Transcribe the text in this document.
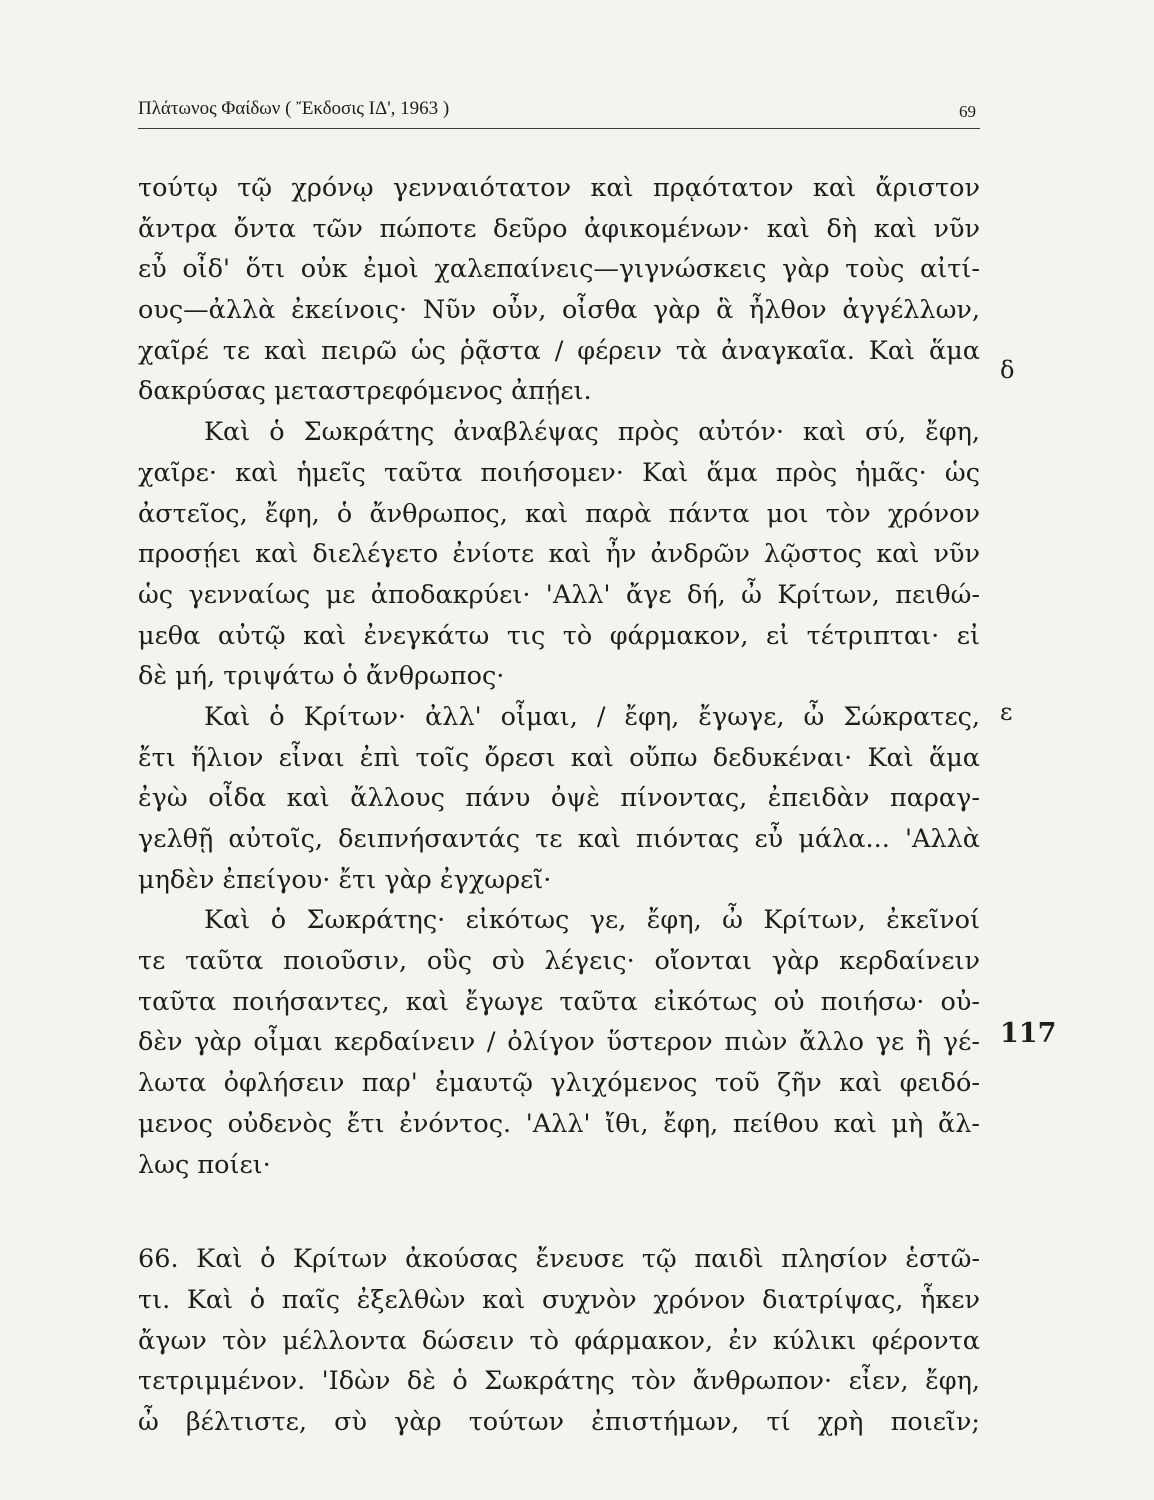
Πλάτωνος Φαίδων ( Ἔκδοσις ΙΔ', 1963 )	69
τούτῳ τῷ χρόνῳ γενναιότατον καὶ πρᾳότατον καὶ ἄριστον
ἄντρα ὄντα τῶν πώποτε δεῦρο ἀφικομένων· καὶ δὴ καὶ νῦν
εὖ οἶδ' ὅτι οὐκ ἐμοὶ χαλεπαίνεις—γιγνώσκεις γὰρ τοὺς αἰτί-
ους—ἀλλὰ ἐκείνοις· Νῦν οὖν, οἶσθα γὰρ ἃ ἦλθον ἀγγέλλων,
χαῖρέ τε καὶ πειρῶ ὡς ῥᾷστα / φέρειν τὰ ἀναγκαῖα. Καὶ ἅμα
δακρύσας μεταστρεφόμενος ἀπῄει.
Καὶ ὁ Σωκράτης ἀναβλέψας πρὸς αὐτόν· καὶ σύ, ἔφη,
χαῖρε· καὶ ἡμεῖς ταῦτα ποιήσομεν· Καὶ ἅμα πρὸς ἡμᾶς· ὡς
ἀστεῖος, ἔφη, ὁ ἄνθρωπος, καὶ παρὰ πάντα μοι τὸν χρόνον
προσῄει καὶ διελέγετο ἐνίοτε καὶ ἦν ἀνδρῶν λῷστος καὶ νῦν
ὡς γενναίως με ἀποδακρύει· 'Αλλ' ἄγε δή, ὦ Κρίτων, πειθώ-
μεθα αὐτῷ καὶ ἐνεγκάτω τις τὸ φάρμακον, εἰ τέτριπται· εἰ
δὲ μή, τριψάτω ὁ ἄνθρωπος·
Καὶ ὁ Κρίτων· ἀλλ' οἶμαι, / ἔφη, ἔγωγε, ὦ Σώκρατες,
ἔτι ἥλιον εἶναι ἐπὶ τοῖς ὄρεσι καὶ οὔπω δεδυκέναι· Καὶ ἅμα
ἐγὼ οἶδα καὶ ἄλλους πάνυ ὀψὲ πίνοντας, ἐπειδὰν παραγ-
γελθῇ αὐτοῖς, δειπνήσαντάς τε καὶ πιόντας εὖ μάλα... 'Αλλὰ
μηδὲν ἐπείγου· ἔτι γὰρ ἐγχωρεῖ·
Καὶ ὁ Σωκράτης· εἰκότως γε, ἔφη, ὦ Κρίτων, ἐκεῖνοί
τε ταῦτα ποιοῦσιν, οὓς σὺ λέγεις· οἴονται γὰρ κερδαίνειν
ταῦτα ποιήσαντες, καὶ ἔγωγε ταῦτα εἰκότως οὐ ποιήσω· οὐ-
δὲν γὰρ οἶμαι κερδαίνειν / ὀλίγον ὕστερον πιὼν ἄλλο γε ἢ γέ-
λωτα ὀφλήσειν παρ' ἐμαυτῷ γλιχόμενος τοῦ ζῆν καὶ φειδό-
μενος οὐδενὸς ἔτι ἐνόντος. 'Αλλ' ἴθι, ἔφη, πείθου καὶ μὴ ἄλ-
λως ποίει·
66. Καὶ ὁ Κρίτων ἀκούσας ἔνευσε τῷ παιδὶ πλησίον ἑστῶ-
τι. Καὶ ὁ παῖς ἐξελθὼν καὶ συχνὸν χρόνον διατρίψας, ἧκεν
ἄγων τὸν μέλλοντα δώσειν τὸ φάρμακον, ἐν κύλικι φέροντα
τετριμμένον. 'Ιδὼν δὲ ὁ Σωκράτης τὸν ἄνθρωπον· εἶεν, ἔφη,
ὦ βέλτιστε, σὺ γὰρ τούτων ἐπιστήμων, τί χρὴ ποιεῖν;
δ
ε
117
